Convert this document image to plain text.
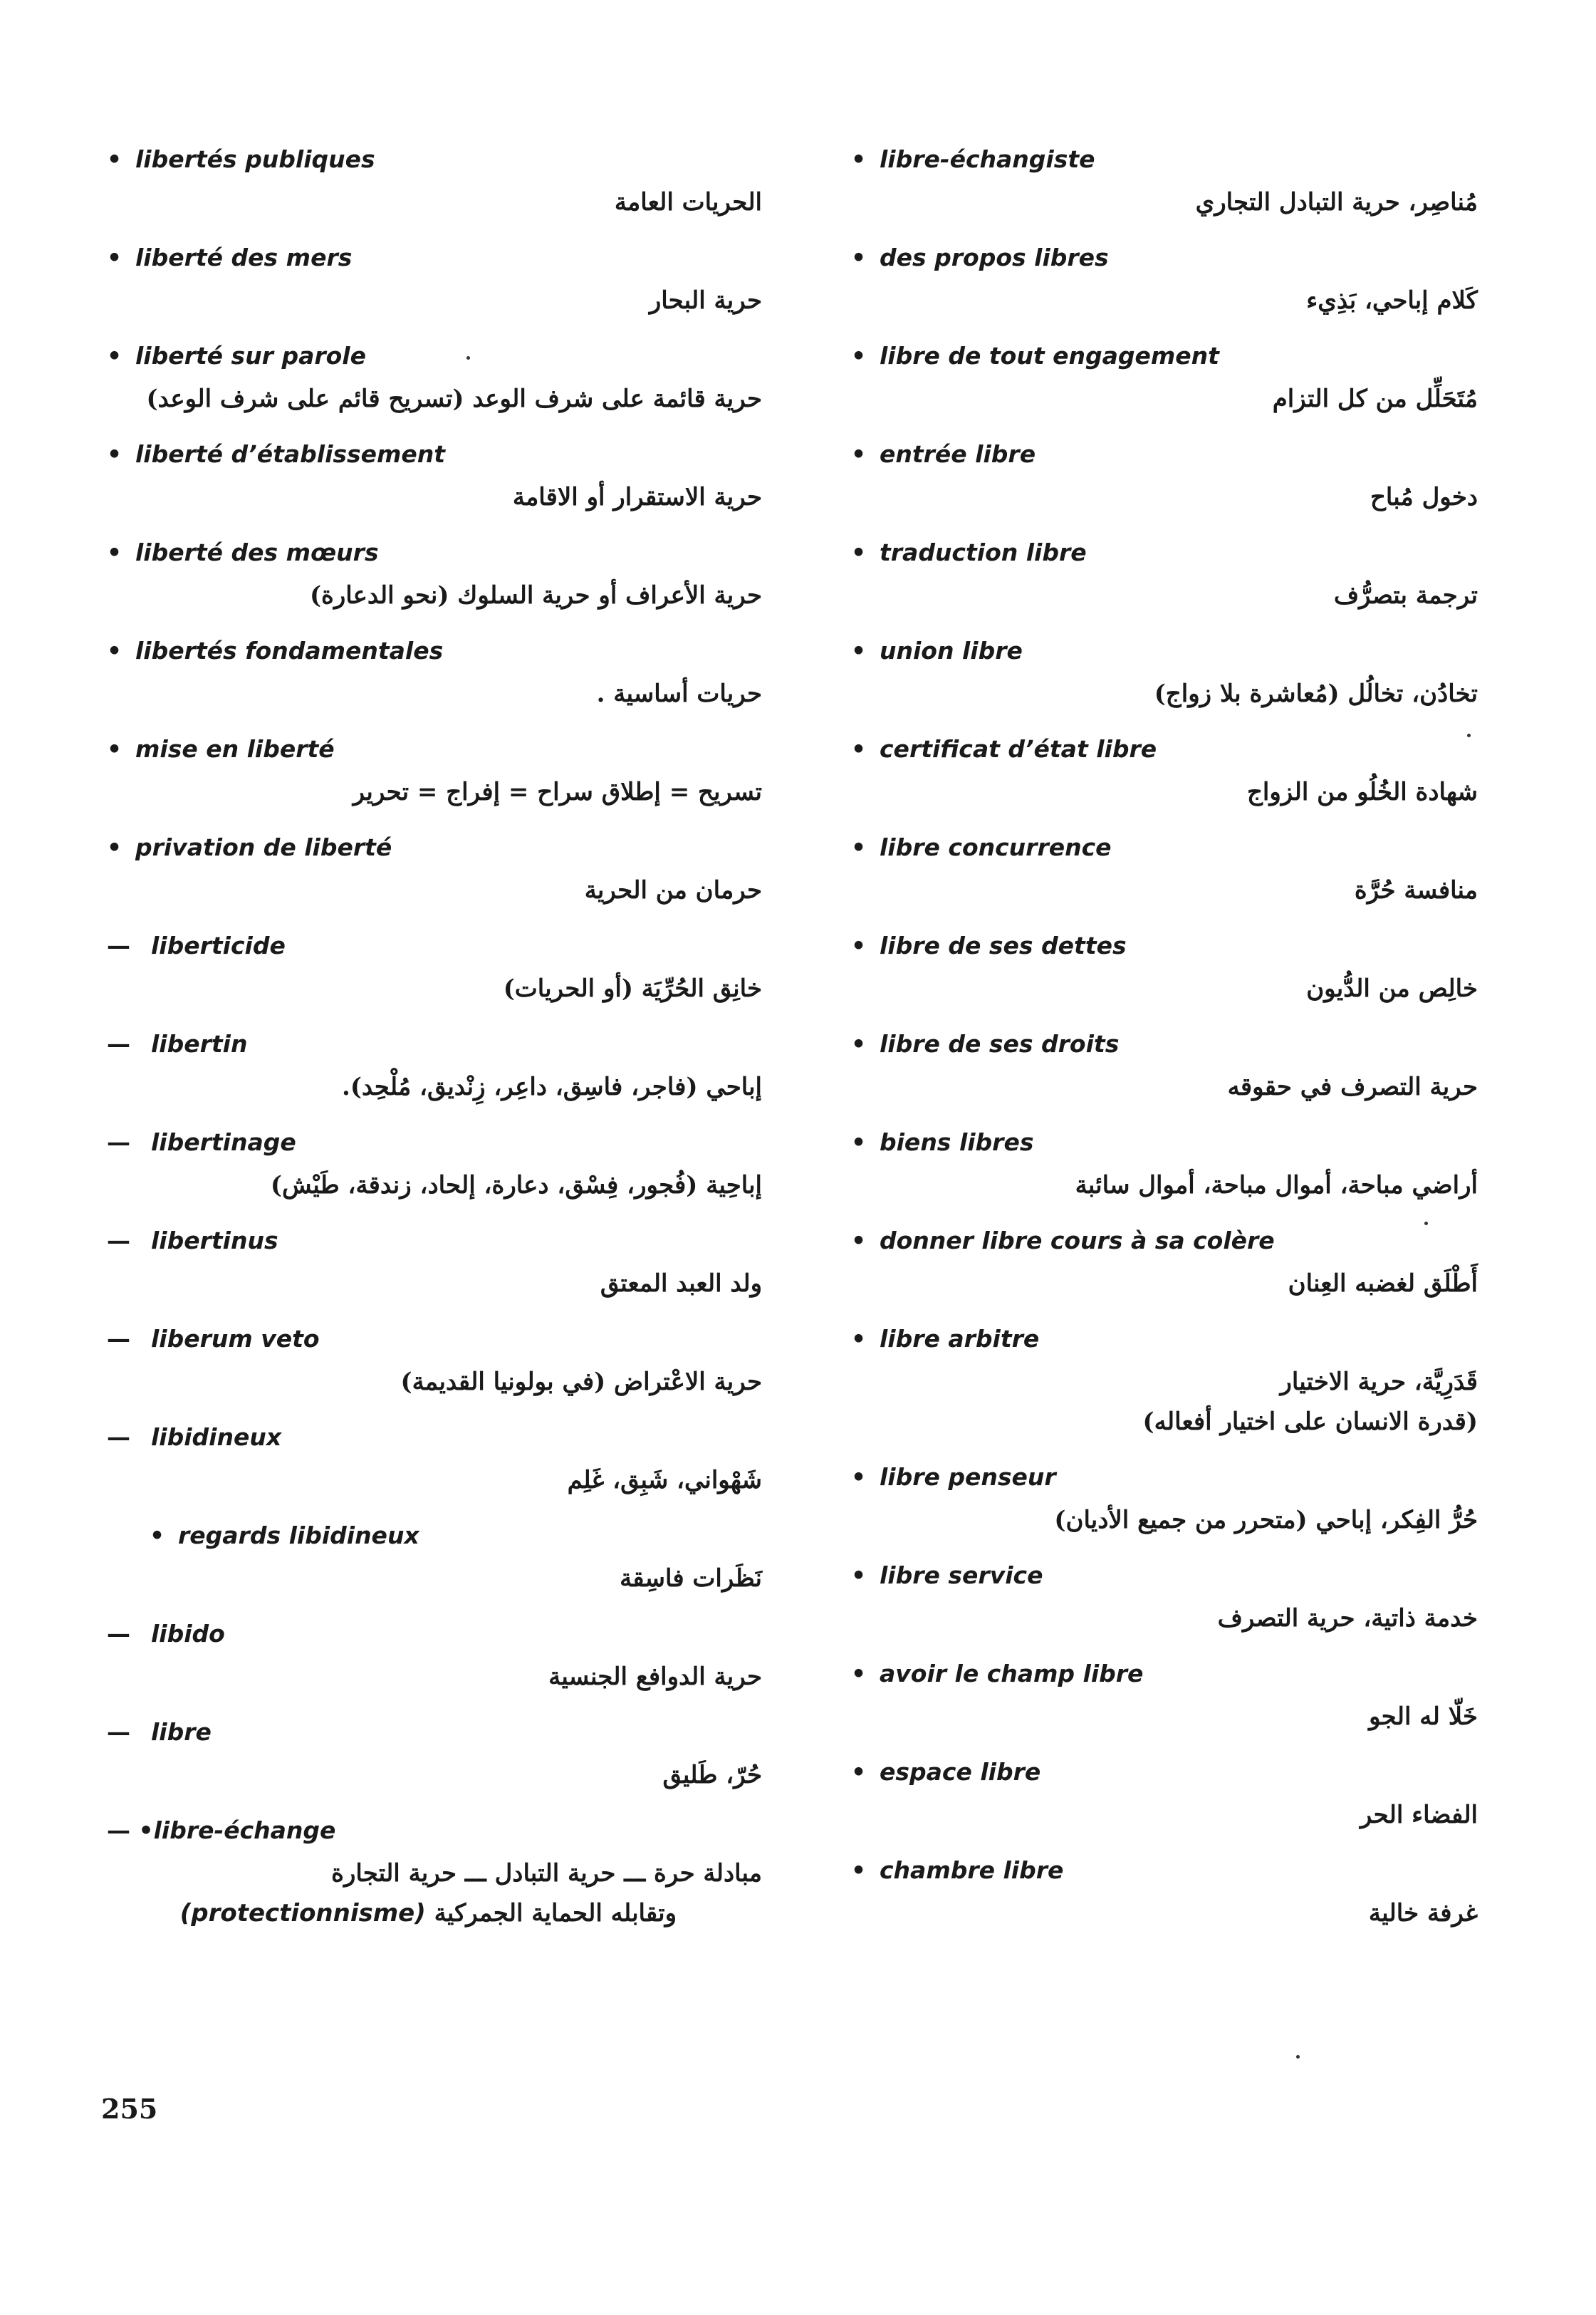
• libertés publiques
الحريات العامة
• liberté des mers
حرية البحار
• liberté sur parole
حرية قائمة على شرف الوعد (تسريح قائم على شرف الوعد)
• liberté d’établissement
حرية الاستقرار أو الاقامة
• liberté des mœurs
حرية الأعراف أو حرية السلوك (نحو الدعارة)
• libertés fondamentales
حريات أساسية .
• mise en liberté
تسريح = إطلاق سراح = إفراج = تحرير
• privation de liberté
حرمان من الحرية
— liberticide
خانِق الحُرِّيَة (أو الحريات)
— libertin
إباحي (فاجر، فاسِق، داعِر، زِنْديق، مُلْحِد).
— libertinage
إباحِية (فُجور، فِسْق، دعارة، إلحاد، زندقة، طَيْش)
— libertinus
ولد العبد المعتق
— liberum veto
حرية الاعْتراض (في بولونيا القديمة)
— libidineux
شَهْواني، شَبِق، غَلِم
• regards libidineux
نَظَرات فاسِقة
— libido
حرية الدوافع الجنسية
— libre
حُرّ، طَليق
— •libre-échange
مبادلة حرة ـــ حرية التبادل ـــ حرية التجارة
وتقابله الحماية الجمركية (protectionnisme)
• libre-échangiste
مُناصِر، حرية التبادل التجاري
• des propos libres
كَلام إباحي، بَذِيء
• libre de tout engagement
مُتَحَلِّل من كل التزام
• entrée libre
دخول مُباح
• traduction libre
ترجمة بتصرُّف
• union libre
تخادُن، تخالُل (مُعاشرة بلا زواج)
• certificat d’état libre
شهادة الخُلُو من الزواج
• libre concurrence
منافسة حُرَّة
• libre de ses dettes
خالِص من الدُّيون
• libre de ses droits
حرية التصرف في حقوقه
• biens libres
أراضي مباحة، أموال مباحة، أموال سائبة
• donner libre cours à sa colère
أَطْلَق لغضبه العِنان
• libre arbitre
قَدَرِيَّة، حرية الاختيار
(قدرة الانسان على اختيار أفعاله)
• libre penseur
حُرُّ الفِكر، إباحي (متحرر من جميع الأديان)
• libre service
خدمة ذاتية، حرية التصرف
• avoir le champ libre
خَلّا له الجو
• espace libre
الفضاء الحر
• chambre libre
غرفة خالية
255
